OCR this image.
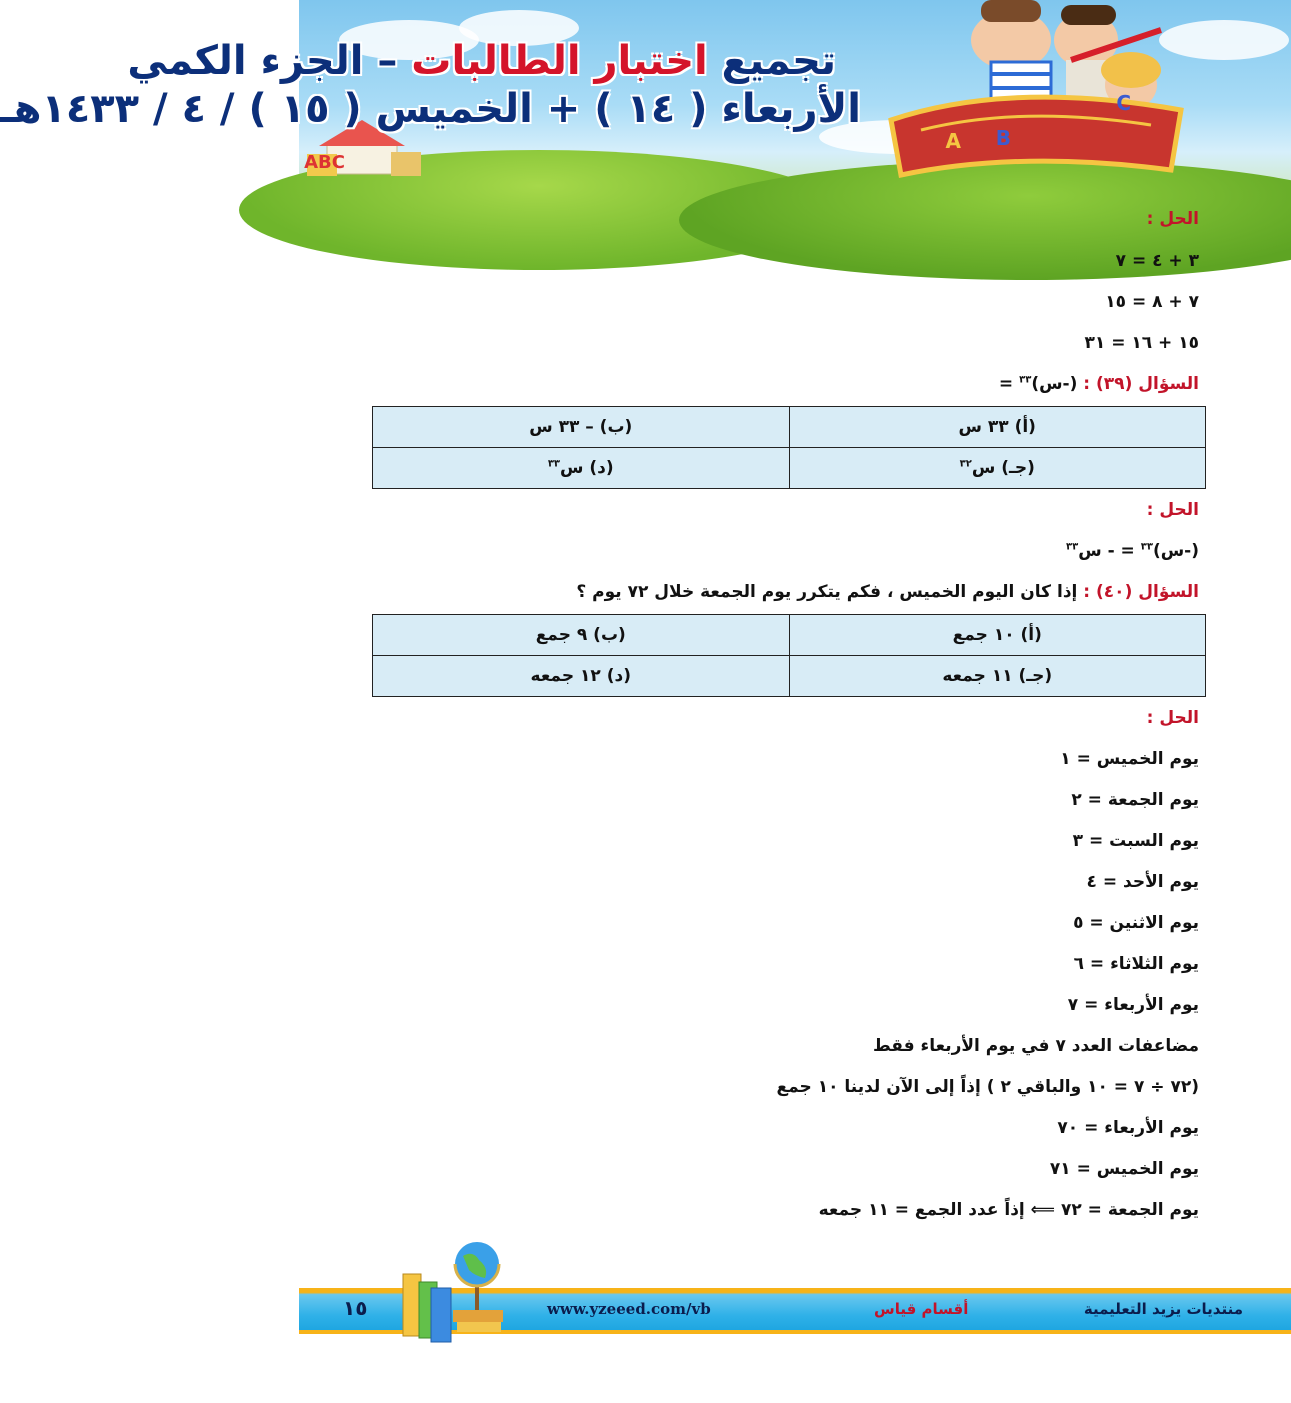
B
A
C
ABC
تجميع اختبار الطالبات – الجزء الكمي
الأربعاء ( ١٤ ) + الخميس ( ١٥ ) / ٤ / ١٤٣٣هـ
الحل :
٣ + ٤ = ٧
٧ + ٨ = ١٥
١٥ + ١٦ = ٣١
السؤال (٣٩) : (-س)$^{٣٣}$ =
(أ) ٣٣ س	(ب) – ٣٣ س
(جـ) س$^{٣٢}$	(د) س$^{٣٣}$
الحل :
(-س)$^{٣٣}$ = - س$^{٣٣}$
السؤال (٤٠) : إذا كان اليوم الخميس ، فكم يتكرر يوم الجمعة خلال ٧٢ يوم ؟
(أ) ١٠ جمع	(ب) ٩ جمع
(جـ) ١١ جمعه	(د) ١٢ جمعه
الحل :
يوم الخميس = ١
يوم الجمعة = ٢
يوم السبت = ٣
يوم الأحد = ٤
يوم الاثنين = ٥
يوم الثلاثاء = ٦
يوم الأربعاء = ٧
مضاعفات العدد ٧ في يوم الأربعاء فقط
(٧٢ ÷ ٧ = ١٠ والباقي ٢ ) إذاً إلى الآن لدينا ١٠ جمع
يوم الأربعاء = ٧٠
يوم الخميس = ٧١
يوم الجمعة = ٧٢ ⟸ إذاً عدد الجمع = ١١ جمعه
منتديات يزيد التعليمية
أقسام قياس
www.yzeeed.com/vb
١٥
